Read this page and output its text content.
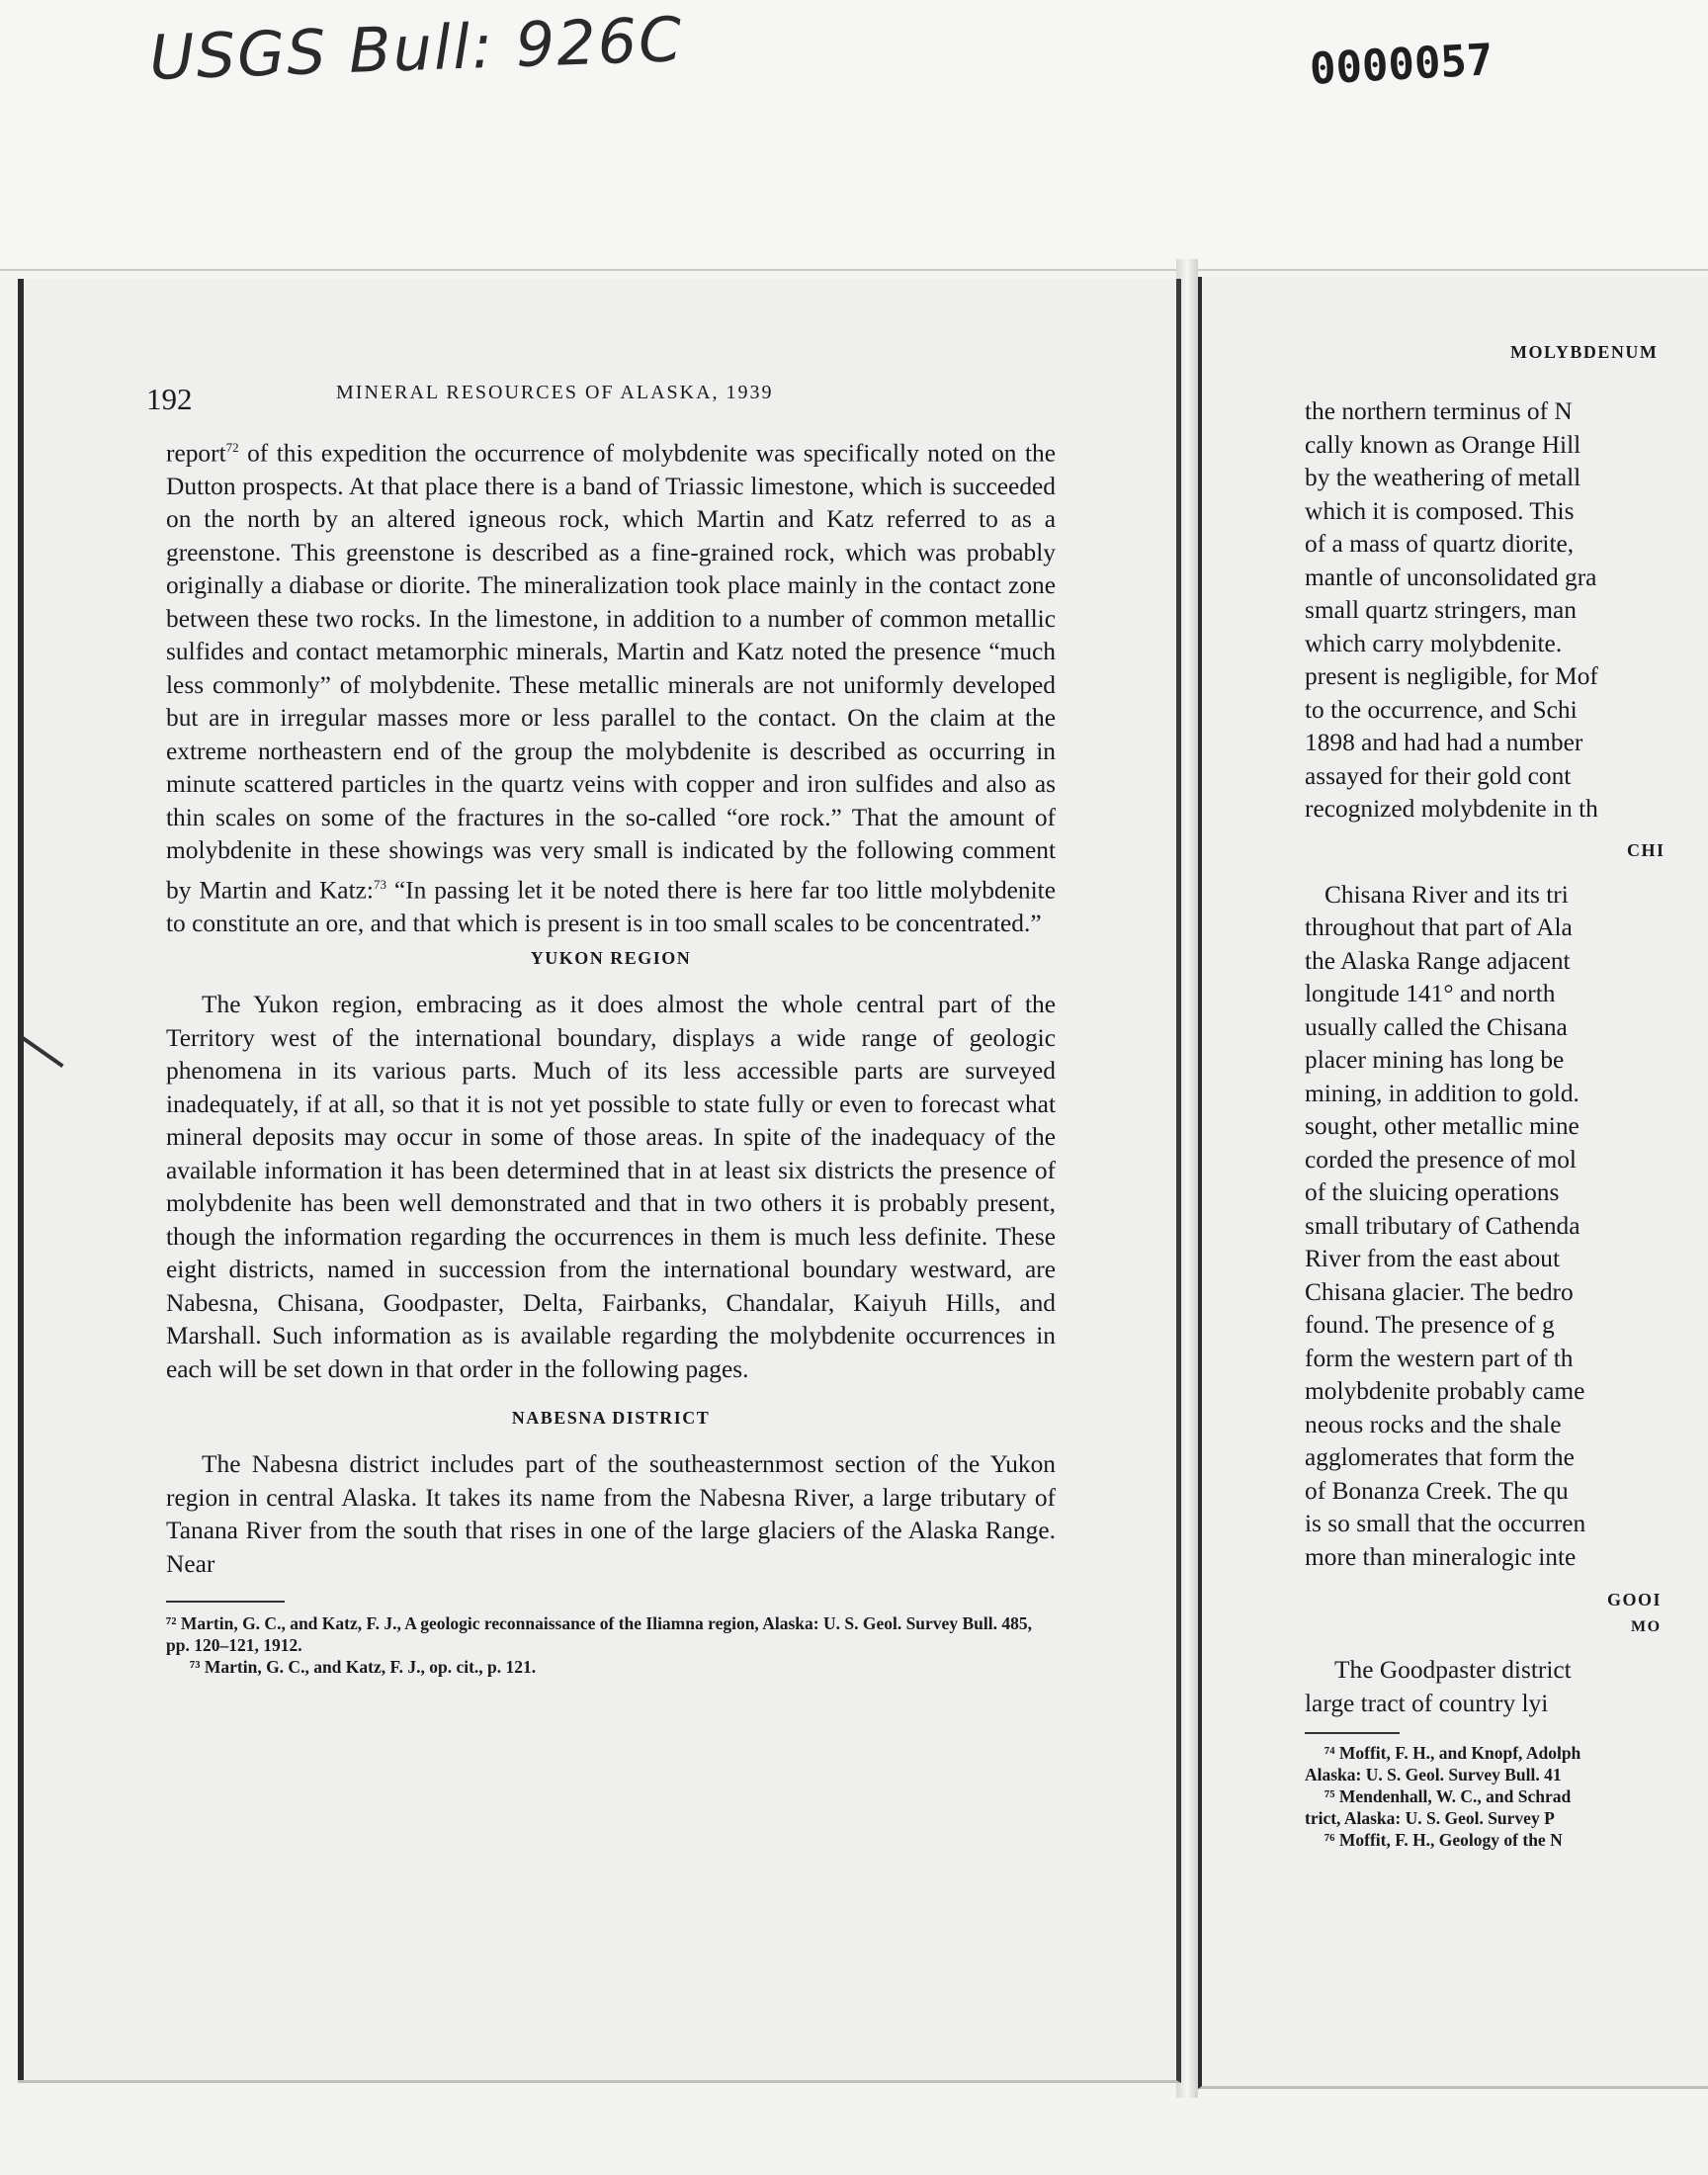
USGS Bull: 926C	0000057
192	MINERAL RESOURCES OF ALASKA, 1939

report$^{72}$ of this expedition the occurrence of molybdenite was specifically noted on the Dutton prospects. At that place there is a band of Triassic limestone, which is succeeded on the north by an altered igneous rock, which Martin and Katz referred to as a greenstone. This greenstone is described as a fine-grained rock, which was probably originally a diabase or diorite. The mineralization took place mainly in the contact zone between these two rocks. In the limestone, in addition to a number of common metallic sulfides and contact metamorphic minerals, Martin and Katz noted the presence “much less commonly” of molybdenite. These metallic minerals are not uniformly developed but are in irregular masses more or less parallel to the contact. On the claim at the extreme northeastern end of the group the molybdenite is described as occurring in minute scattered particles in the quartz veins with copper and iron sulfides and also as thin scales on some of the fractures in the so-called “ore rock.” That the amount of molybdenite in these showings was very small is indicated by the following comment by Martin and Katz:$^{73}$ “In passing let it be noted there is here far too little molybdenite to constitute an ore, and that which is present is in too small scales to be concentrated.”

YUKON REGION

The Yukon region, embracing as it does almost the whole central part of the Territory west of the international boundary, displays a wide range of geologic phenomena in its various parts. Much of its less accessible parts are surveyed inadequately, if at all, so that it is not yet possible to state fully or even to forecast what mineral deposits may occur in some of those areas. In spite of the inadequacy of the available information it has been determined that in at least six districts the presence of molybdenite has been well demonstrated and that in two others it is probably present, though the information regarding the occurrences in them is much less definite. These eight districts, named in succession from the international boundary westward, are Nabesna, Chisana, Goodpaster, Delta, Fairbanks, Chandalar, Kaiyuh Hills, and Marshall. Such information as is available regarding the molybdenite occurrences in each will be set down in that order in the following pages.

NABESNA DISTRICT

The Nabesna district includes part of the southeasternmost section of the Yukon region in central Alaska. It takes its name from the Nabesna River, a large tributary of Tanana River from the south that rises in one of the large glaciers of the Alaska Range. Near

⁷² Martin, G. C., and Katz, F. J., A geologic reconnaissance of the Iliamna region, Alaska: U. S. Geol. Survey Bull. 485, pp. 120–121, 1912.

⁷³ Martin, G. C., and Katz, F. J., op. cit., p. 121.

MOLYBDENUM

the northern terminus of N

cally known as Orange Hill

by the weathering of metall

which it is composed. This

of a mass of quartz diorite,

mantle of unconsolidated gra

small quartz stringers, man

which carry molybdenite.

present is negligible, for Mof

to the occurrence, and Schi

1898 and had had a number

assayed for their gold cont

recognized molybdenite in th

CHI

Chisana River and its tri

throughout that part of Ala

the Alaska Range adjacent

longitude 141° and north

usually called the Chisana

placer mining has long be

mining, in addition to gold.

sought, other metallic mine

corded the presence of mol

of the sluicing operations

small tributary of Cathenda

River from the east about

Chisana glacier. The bedro

found. The presence of g

form the western part of th

molybdenite probably came

neous rocks and the shale

agglomerates that form the

of Bonanza Creek. The qu

is so small that the occurren

more than mineralogic inte

GOOI

MO

The Goodpaster district

large tract of country lyi

⁷⁴ Moffit, F. H., and Knopf, Adolph

Alaska: U. S. Geol. Survey Bull. 41

⁷⁵ Mendenhall, W. C., and Schrad

trict, Alaska: U. S. Geol. Survey P

⁷⁶ Moffit, F. H., Geology of the N
